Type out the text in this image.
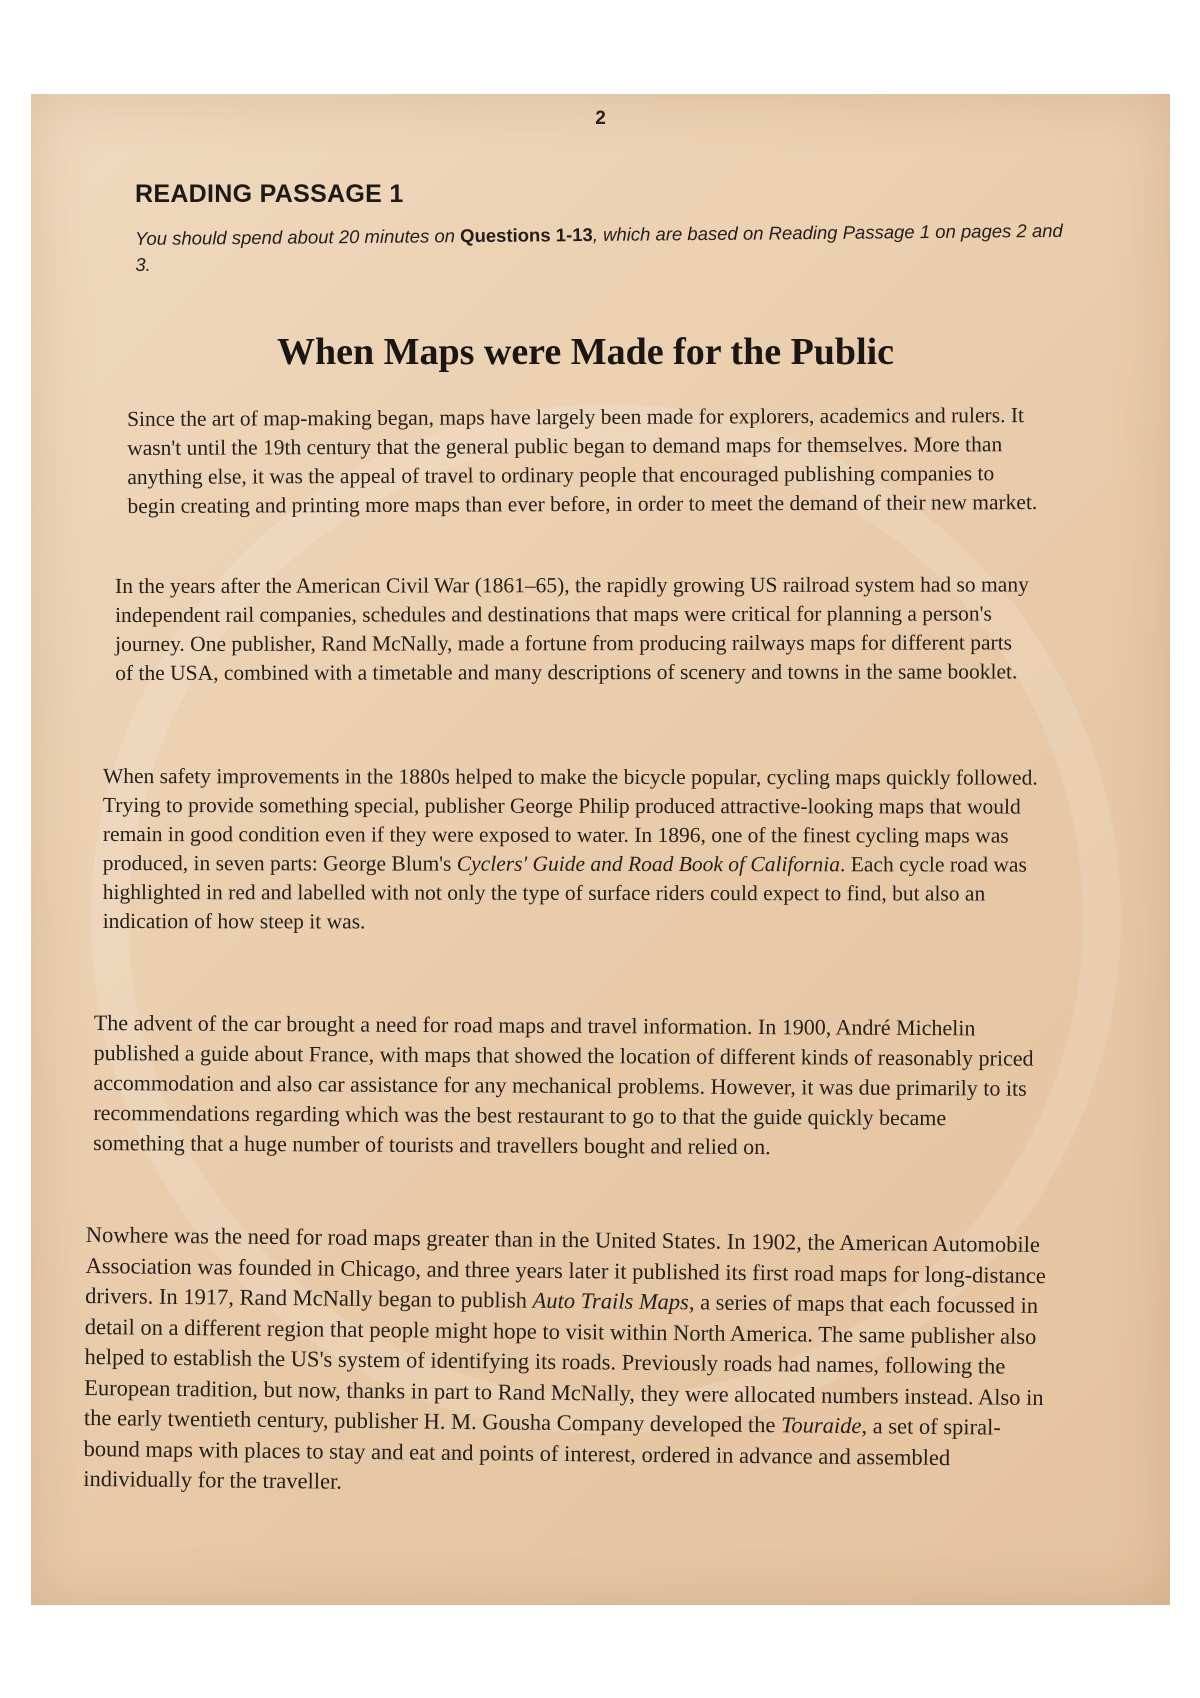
2
READING PASSAGE 1
You should spend about 20 minutes on Questions 1-13, which are based on Reading Passage 1 on pages 2 and 3.
When Maps were Made for the Public
Since the art of map-making began, maps have largely been made for explorers, academics and rulers. It wasn't until the 19th century that the general public began to demand maps for themselves. More than anything else, it was the appeal of travel to ordinary people that encouraged publishing companies to begin creating and printing more maps than ever before, in order to meet the demand of their new market.
In the years after the American Civil War (1861–65), the rapidly growing US railroad system had so many independent rail companies, schedules and destinations that maps were critical for planning a person's journey. One publisher, Rand McNally, made a fortune from producing railways maps for different parts of the USA, combined with a timetable and many descriptions of scenery and towns in the same booklet.
When safety improvements in the 1880s helped to make the bicycle popular, cycling maps quickly followed. Trying to provide something special, publisher George Philip produced attractive-looking maps that would remain in good condition even if they were exposed to water. In 1896, one of the finest cycling maps was produced, in seven parts: George Blum's Cyclers' Guide and Road Book of California. Each cycle road was highlighted in red and labelled with not only the type of surface riders could expect to find, but also an indication of how steep it was.
The advent of the car brought a need for road maps and travel information. In 1900, André Michelin published a guide about France, with maps that showed the location of different kinds of reasonably priced accommodation and also car assistance for any mechanical problems. However, it was due primarily to its recommendations regarding which was the best restaurant to go to that the guide quickly became something that a huge number of tourists and travellers bought and relied on.
Nowhere was the need for road maps greater than in the United States. In 1902, the American Automobile Association was founded in Chicago, and three years later it published its first road maps for long-distance drivers. In 1917, Rand McNally began to publish Auto Trails Maps, a series of maps that each focussed in detail on a different region that people might hope to visit within North America. The same publisher also helped to establish the US's system of identifying its roads. Previously roads had names, following the European tradition, but now, thanks in part to Rand McNally, they were allocated numbers instead. Also in the early twentieth century, publisher H. M. Gousha Company developed the Touraide, a set of spiral-bound maps with places to stay and eat and points of interest, ordered in advance and assembled individually for the traveller.
